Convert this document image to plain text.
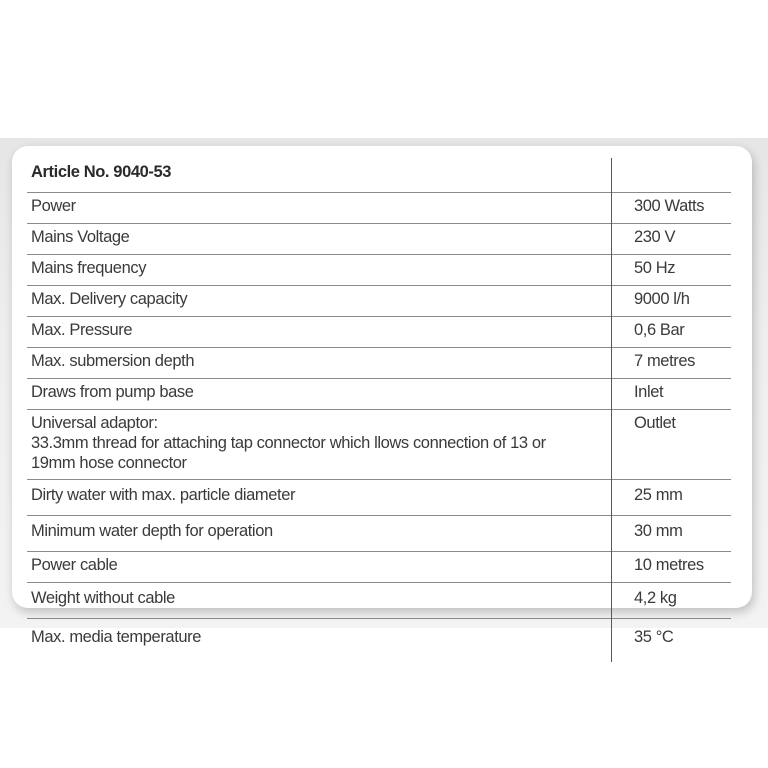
Article No. 9040-53	
Power	300 Watts
Mains Voltage	230 V
Mains frequency	50 Hz
Max. Delivery capacity	9000 l/h
Max. Pressure	0,6 Bar
Max. submersion depth	7 metres
Draws from pump base	Inlet

Universal adaptor:
33.3mm thread for attaching tap connector which llows connection of 13 or
19mm hose connector	Outlet
Dirty water with max. particle diameter	25 mm
Minimum water depth for operation	30 mm
Power cable	10 metres
Weight without cable	4,2 kg
Max. media temperature	35 °C
